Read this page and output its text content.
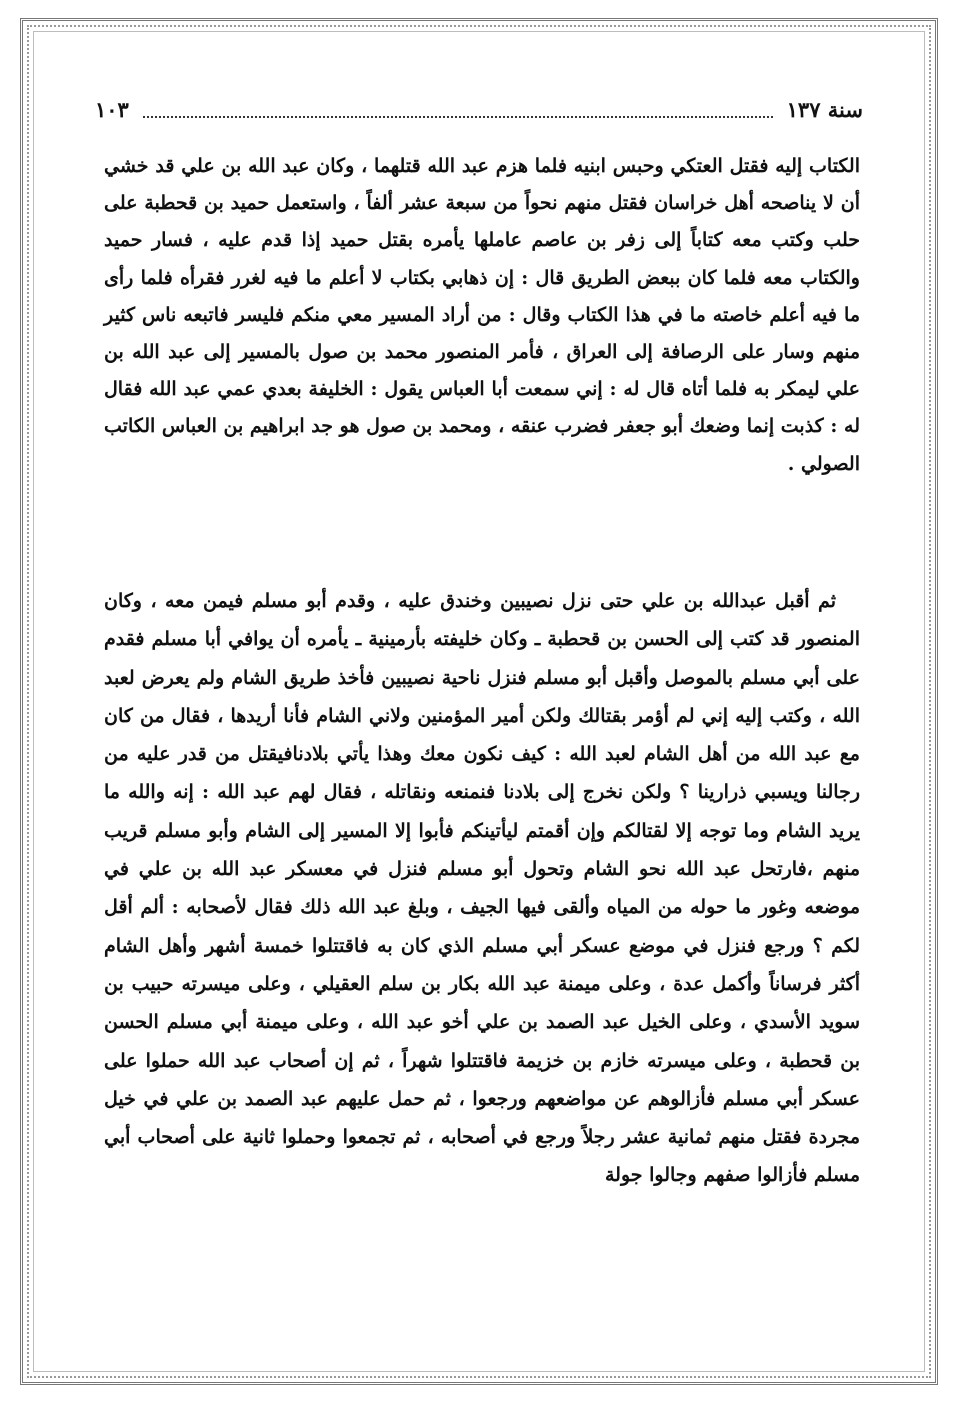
سنة ١٣٧
١٠٣

الكتاب إليه فقتل العتكي وحبس ابنيه فلما هزم عبد الله قتلهما ، وكان عبد الله بن علي قد خشي أن لا يناصحه أهل خراسان فقتل منهم نحواً من سبعة عشر ألفاً ، واستعمل حميد بن قحطبة على حلب وكتب معه كتاباً إلى زفر بن عاصم عاملها يأمره بقتل حميد إذا قدم عليه ، فسار حميد والكتاب معه فلما كان ببعض الطريق قال : إن ذهابي بكتاب لا أعلم ما فيه لغرر فقرأه فلما رأى ما فيه أعلم خاصته ما في هذا الكتاب وقال : من أراد المسير معي منكم فليسر فاتبعه ناس كثير منهم وسار على الرصافة إلى العراق ، فأمر المنصور محمد بن صول بالمسير إلى عبد الله بن علي ليمكر به فلما أتاه قال له : إني سمعت أبا العباس يقول : الخليفة بعدي عمي عبد الله فقال له : كذبت إنما وضعك أبو جعفر فضرب عنقه ، ومحمد بن صول هو جد ابراهيم بن العباس الكاتب الصولي .

ثم أقبل عبدالله بن علي حتى نزل نصيبين وخندق عليه ، وقدم أبو مسلم فيمن معه ، وكان المنصور قد كتب إلى الحسن بن قحطبة ـ وكان خليفته بأرمينية ـ يأمره أن يوافي أبا مسلم فقدم على أبي مسلم بالموصل وأقبل أبو مسلم فنزل ناحية نصيبين فأخذ طريق الشام ولم يعرض لعبد الله ، وكتب إليه إني لم أؤمر بقتالك ولكن أمير المؤمنين ولاني الشام فأنا أريدها ، فقال من كان مع عبد الله من أهل الشام لعبد الله : كيف نكون معك وهذا يأتي بلادنافيقتل من قدر عليه من رجالنا ويسبي ذرارينا ؟ ولكن نخرج إلى بلادنا فنمنعه ونقاتله ، فقال لهم عبد الله : إنه والله ما يريد الشام وما توجه إلا لقتالكم وإن أقمتم ليأتينكم فأبوا إلا المسير إلى الشام وأبو مسلم قريب منهم ،فارتحل عبد الله نحو الشام وتحول أبو مسلم فنزل في معسكر عبد الله بن علي في موضعه وغور ما حوله من المياه وألقى فيها الجيف ، وبلغ عبد الله ذلك فقال لأصحابه : ألم أقل لكم ؟ ورجع فنزل في موضع عسكر أبي مسلم الذي كان به فاقتتلوا خمسة أشهر وأهل الشام أكثر فرساناً وأكمل عدة ، وعلى ميمنة عبد الله بكار بن سلم العقيلي ، وعلى ميسرته حبيب بن سويد الأسدي ، وعلى الخيل عبد الصمد بن علي أخو عبد الله ، وعلى ميمنة أبي مسلم الحسن بن قحطبة ، وعلى ميسرته خازم بن خزيمة فاقتتلوا شهراً ، ثم إن أصحاب عبد الله حملوا على عسكر أبي مسلم فأزالوهم عن مواضعهم ورجعوا ، ثم حمل عليهم عبد الصمد بن علي في خيل مجردة فقتل منهم ثمانية عشر رجلاً ورجع في أصحابه ، ثم تجمعوا وحملوا ثانية على أصحاب أبي مسلم فأزالوا صفهم وجالوا جولة
